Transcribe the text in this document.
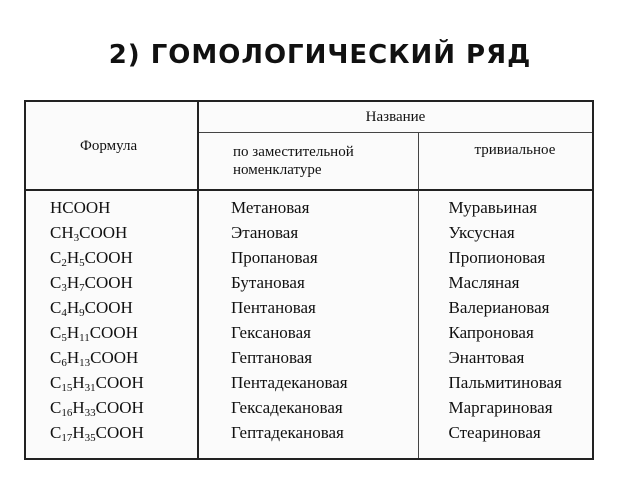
2) ГОМОЛОГИЧЕСКИЙ РЯД
Формула	Название	
	по заместительной номенклатуре	тривиальное
HCOOH	Метановая	Муравьиная
$CH_3COOH$	Этановая	Уксусная
$C_2H_5COOH$	Пропановая	Пропионовая
$C_3H_7COOH$	Бутановая	Масляная
$C_4H_9COOH$	Пентановая	Валериановая
$C_5H_{11}COOH$	Гексановая	Капроновая
$C_6H_{13}COOH$	Гептановая	Энантовая
$C_{15}H_{31}COOH$	Пентадекановая	Пальмитиновая
$C_{16}H_{33}COOH$	Гексадекановая	Маргариновая
$C_{17}H_{35}COOH$	Гептадекановая	Стеариновая
